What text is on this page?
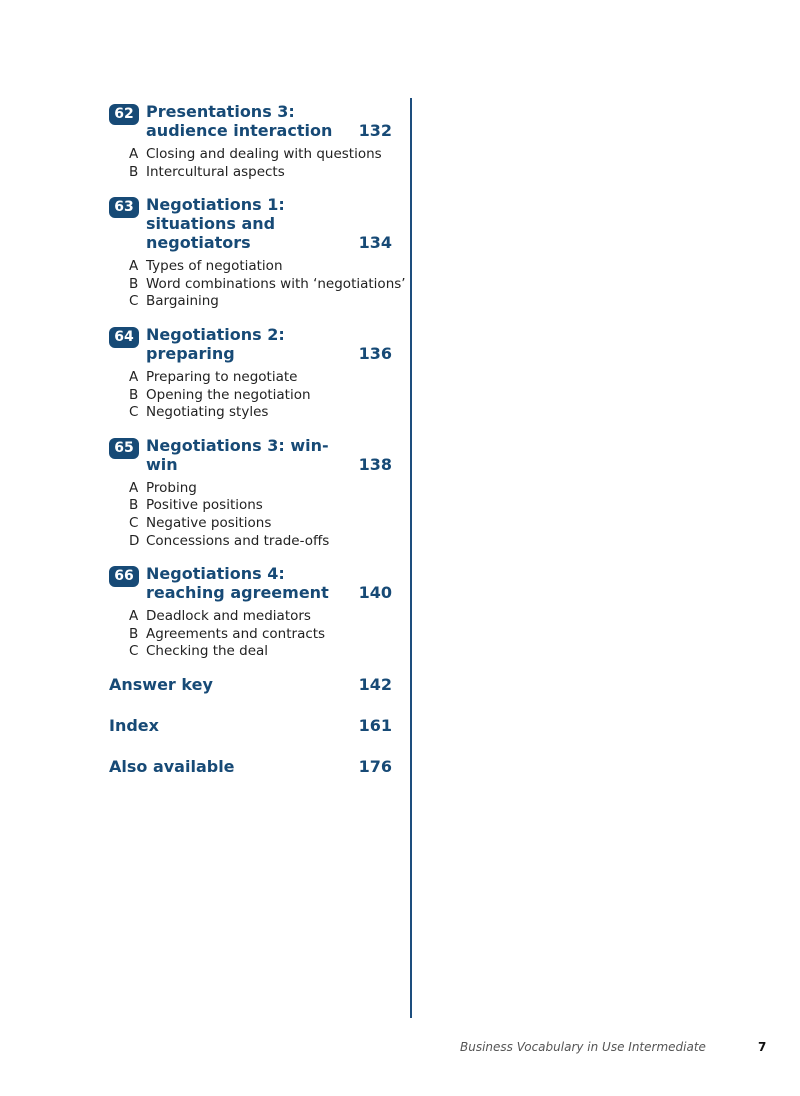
62 Presentations 3: audience interaction	132
A Closing and dealing with questions
B Intercultural aspects
63 Negotiations 1: situations and negotiators	134
A Types of negotiation
B Word combinations with ‘negotiations’
C Bargaining
64 Negotiations 2: preparing	136
A Preparing to negotiate
B Opening the negotiation
C Negotiating styles
65 Negotiations 3: win-win	138
A Probing
B Positive positions
C Negative positions
D Concessions and trade-offs
66 Negotiations 4: reaching agreement	140
A Deadlock and mediators
B Agreements and contracts
C Checking the deal
Answer key	142
Index	161
Also available	176
Business Vocabulary in Use Intermediate	7
